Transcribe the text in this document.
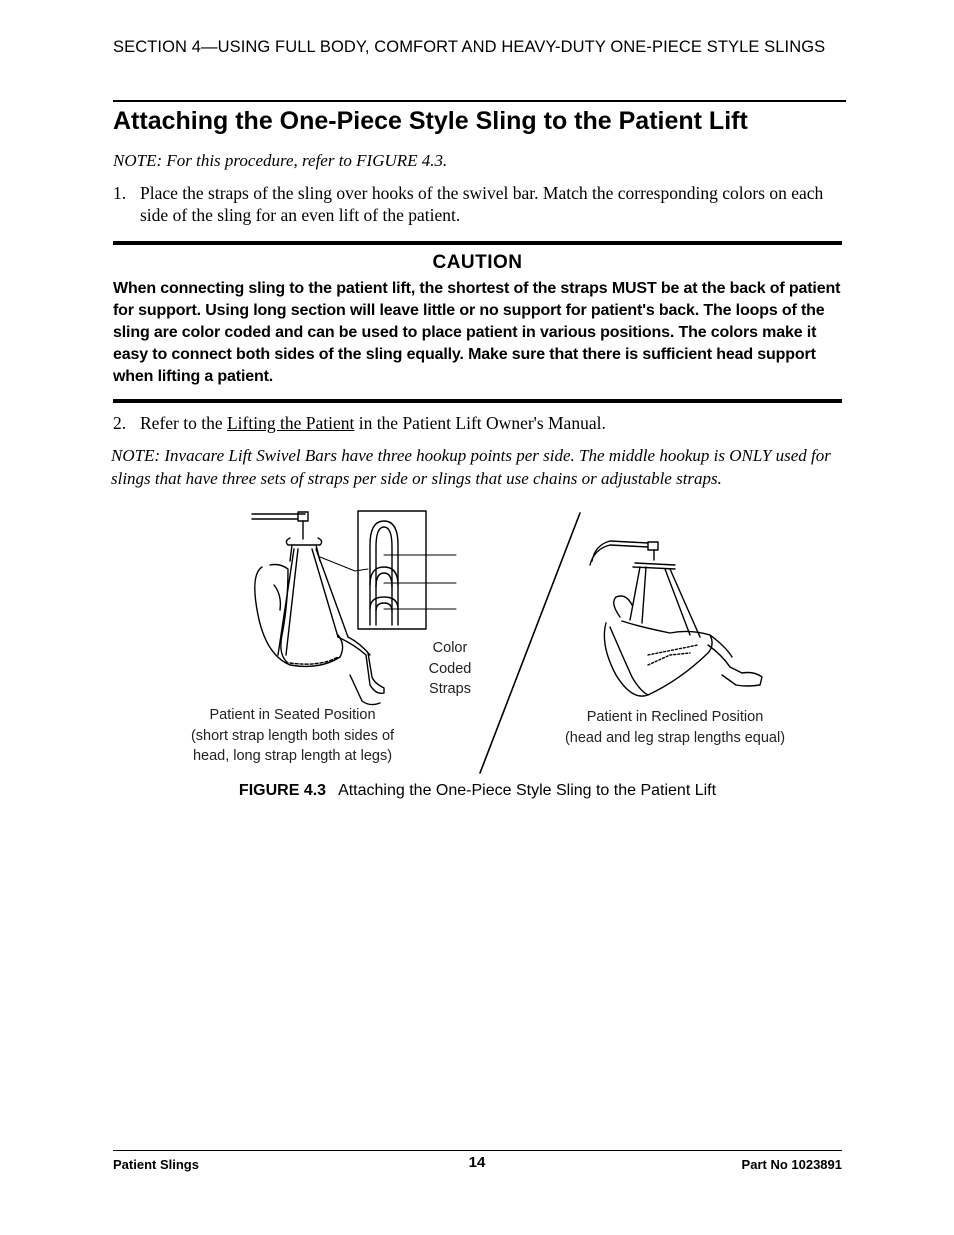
SECTION 4—USING FULL BODY, COMFORT AND HEAVY-DUTY ONE-PIECE STYLE SLINGS
Attaching the One-Piece Style Sling to the Patient Lift
NOTE: For this procedure, refer to FIGURE 4.3.
1. Place the straps of the sling over hooks of the swivel bar. Match the corresponding colors on each side of the sling for an even lift of the patient.
CAUTION
When connecting sling to the patient lift, the shortest of the straps MUST be at the back of patient for support. Using long section will leave little or no support for patient's back. The loops of the sling are color coded and can be used to place patient in various positions. The colors make it easy to connect both sides of the sling equally. Make sure that there is sufficient head support when lifting a patient.
2. Refer to the Lifting the Patient in the Patient Lift Owner's Manual.
NOTE: Invacare Lift Swivel Bars have three hookup points per side. The middle hookup is ONLY used for slings that have three sets of straps per side or slings that use chains or adjustable straps.
Color
Coded
Straps
Patient in Seated Position
(short strap length both sides of
head, long strap length at legs)
Patient in Reclined Position
(head and leg strap lengths equal)
FIGURE 4.3 Attaching the One-Piece Style Sling to the Patient Lift
Patient Slings	14	Part No 1023891
